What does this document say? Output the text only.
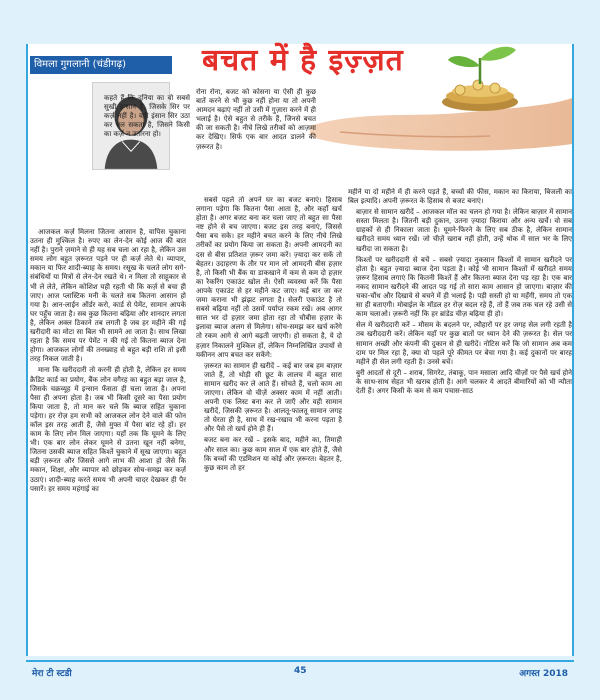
विमला गुगलानी (चंडीगढ़)	बचत में है इज़्ज़त

कहते हैं कि दुनिया का वो सबसे सुखी इन्सान है, जिसके सिर पर कर्ज़ नहीं है। वही इंसान सिर उठा कर चल सकता है, जिसने किसी का कर्ज़ न उतारना हो।

आजकल कर्ज़ मिलना जितना आसान है, वापिस चुकाना उतना ही मुश्किल है। रुपए का लेन-देन कोई आज की बात नहीं है। पुराने ज़माने से ही यह सब चला आ रहा है, लेकिन उस समय लोग बहुत ज़रूरत पड़ने पर ही कर्ज़ लेते थे। व्यापार, मकान या फिर शादी-ब्याह के समय। रसूख के चलते लोग सगे-संबंधियों या मित्रों से लेन-देन रखते थे। न मिला तो साहूकार से भी ले लेते, लेकिन कोशिश यही रहती थी कि कर्ज़ से बचा ही जाए। आज प्लास्टिक मनी के चलते सब कितना आसान हो गया है। आन-लाईन ऑर्डर करो, कार्ड से पेमेंट, सामान आपके घर पहुँच जाता है। सब कुछ कितना बढ़िया और शानदार लगता है, लेकिन अक्ल ठिकाने तब लगती है जब हर महीने की गई खरीदारी का मोटा सा बिल भी सामने आ जाता है। साथ लिखा रहता है कि समय पर पेमेंट न की गई तो कितना ब्याज देना होगा। आजकल लोगों की तनख्वाह से बहुत बड़ी राशि तो इसी तरह निकल जाती है।

माना कि खरीददारी तो करनी ही होती है, लेकिन हर समय क्रैडिट कार्ड का प्रयोग, बैंक लोन वगैरह का बहुत बड़ा जाल है, जिसके चक्रव्यूह में इन्सान फँसता ही चला जाता है। अपना पैसा ही अपना होता है। जब भी किसी दूसरे का पैसा प्रयोग किया जाता है, तो मान कर चले कि ब्याज सहित चुकाना पड़ेगा। हर रोज़ हम सभी को आजकल लोन देने वाले की फोन कॉल इस तरह आती हैं, जैसे मुफ्त में पैसा बांट रहे हों। हर काम के लिए लोन मिल जाएगा। यहाँ तक कि घूमने के लिए भी। एक बार लोन लेकर घूमने से उतना खून नहीं बनेगा, जितना उसकी ब्याज सहित किश्तें चुकाने में सूख जाएगा। बहुत बड़ी ज़रूरत और जिससे आगे लाभ की आशा हो जैसे कि मकान, शिक्षा, और व्यापार को छोड़कर सोच-समझ कर कर्ज़ उठाएं। शादी-ब्याह करते समय भी अपनी चादर देखकर ही पैर पसारें। हर समय महंगाई का

रोना रोना, बजट को कोसना या ऐसी ही कुछ बातें करने से भी कुछ नहीं होना या तो अपनी आमदन बढ़ाएं नहीं तो उसी में गुज़ारा करने में ही भलाई है। ऐसे बहुत से तरीके हैं, जिनसे बचत की जा सकती है। नीचे लिखे तरीकों को आज़मा कर देखिए। सिर्फ एक बार आदत डालने की ज़रूरत है।

सबसे पहले तो अपने घर का बजट बनाएं। हिसाब लगाना पड़ेगा कि कितना पैसा आता है, और कहाँ खर्च होता है। अगर बजट बना कर चला जाए तो बहुत सा पैसा नष्ट होने से बच जाएगा। बजट इस तरह बनाएं, जिससे पैसा बच सके। हर महीने बचत करने के लिए नीचे लिखे तरीकों का प्रयोग किया जा सकता है। अपनी आमदनी का दस से बीस प्रतिशत ज़रूर जमा करें। ज़्यादा कर सकें तो बेहतर। उदाहरण के तौर पर मान लो आमदनी बीस हज़ार है, तो किसी भी बैंक या डाकखाने में कम से कम दो हज़ार का रैकरिंग एकाउंट खोल लें। ऐसी व्यवस्था करें कि पैसा आपके एकाउंट से हर महीने कट जाए। कई बार जा कर जमा कराना भी झंझट लगता है। सेलरी एकाउंट है तो सबसे बढ़िया नहीं तो उसमें पर्याप्त रकम रखें। अब आगर साल भर दो हज़ार जमा होता रहा तो चौबीस हज़ार के इलावा ब्याज अलग से मिलेगा। सोच-समझ कर खर्च करेंगे तो रकम आगे से आगे बढ़ती जाएगी। हो सकता है, ये दो हज़ार निकालने मुश्किल हों, लेकिन निम्नलिखित उपायों से यकीनन आप बचत कर सकेंगे:

• ज़रूरत का सामान ही खरीदें – कई बार जब हम बाज़ार जाते हैं, तो थोड़ी सी छूट के लालच में बहुत सारा सामान खरीद कर ले आते हैं। सोचते हैं, चलो काम आ जाएगा। लेकिन वो चीज़ें अक्सर काम में नहीं आती। अपनी एक लिस्ट बना कर ले जाएँ और वही सामान खरीदें, जिसकी ज़रूरत है। आलतू-फालतू सामान जगह तो घेरता ही है, साथ में रख-रखाव भी करना पड़ता है और पैसे तो खर्च होने ही हैं।
• बजट बना कर रखें – इसके बाद, महीने का, तिमाही और साल का। कुछ काम साल में एक बार होते हैं, जैसे कि बच्चों की एडमिशन या कोई और ज़रूरत। बेहतर है, कुछ काम तो हर

महीने या दो महीने में ही करने पड़ते हैं, बच्चों की फीस, मकान का किराया, बिजली का बिल इत्यादि। अपनी ज़रूरत के हिसाब से बजट बनाएं।

• बाज़ार से सामान खरीदें – आजकल मॉल का चलन हो गया है। लेकिन बाज़ार में सामान सस्ता मिलता है। जितनी बड़ी दुकान, उतना ज़्यादा किराया और अन्य खर्चे। वो सब ग्राहकों से ही निकाला जाता है। घूमने-फिरने के लिए सब ठीक है, लेकिन सामान खरीदते समय ध्यान रखें। जो चीज़ें खराब नहीं होती, उन्हें थोक में साल भर के लिए खरीदा जा सकता है।
• किश्तों पर खरीददारी से बचें – सबसे ज़्यादा नुकसान किश्तों में सामान खरीदने पर होता है। बहुत ज़्यादा ब्याज देना पड़ता है। कोई भी सामान किश्तों में खरीदते समय ज़रूर हिसाब लगाएं कि कितनी किश्तें हैं और कितना ब्याज देना पड़ रहा है। एक बार नकद सामान खरीदने की आदत पड़ गई तो सारा काम आसान हो जाएगा। बाज़ार की चका-चौंध और दिखावे से बचने में ही भलाई है। पड़ी सस्ती हो या महँगी, समय तो एक सा ही बताएगी। मोबाईल के मॉडल हर रोज़ बदल रहे हैं, तो हैं जब तक चल रहे उसी से काम चलाओ। ज़रूरी नहीं कि हर ब्रांडेड चीज़ बढ़िया ही हो।
• सेल में खरीददारी करें – मौसम के बदलने पर, त्यौहारों पर हर जगह सेल लगी रहती है तब खरीददारी करें। लेकिन यहाँ पर कुछ बातों पर ध्यान देने की ज़रूरत है। सेल पर सामान अच्छी और कंपनी की दुकान से ही खरीदें। नोटिस करें कि जो सामान अब कम दाम पर मिल रहा है, क्या वो पहले पूरे कीमत पर बेचा गया है। कई दुकानों पर बारह महीने ही सेल लगी रहती है। उनसे बचें।
• बुरी आदतों से दूरी – शराब, सिगरेट, तंबाकू, पान मसाला आदि चीज़ों पर पैसे खर्च होने के साथ-साथ सेहत भी खराब होती है। आगे चलकर ये आदतें बीमारियों को भी न्यौता देती हैं। अगर किसी के कम से कम पचास-साठ
मेरा टी स्टडी	45	अगस्त 2018
